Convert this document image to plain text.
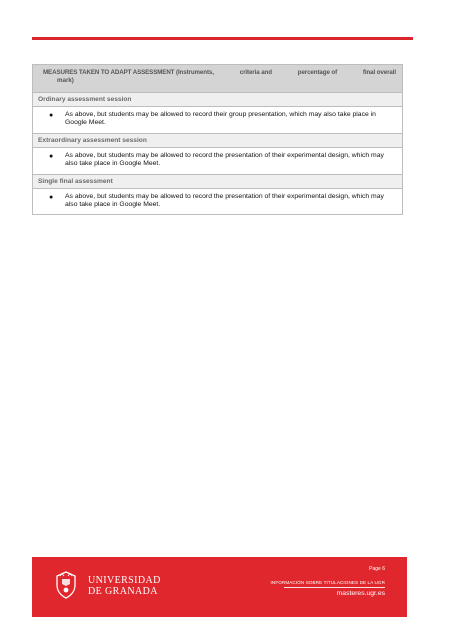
MEASURES TAKEN TO ADAPT ASSESSMENT (Instruments,	criteria and	percentage of	final overall
mark)
Ordinary assessment session
●	As above, but students may be allowed to record their group presentation, which may also take place in Google Meet.
Extraordinary assessment session
●	As above, but students may be allowed to record the presentation of their experimental design, which may also take place in Google Meet.
Single final assessment
●	As above, but students may be allowed to record the presentation of their experimental design, which may also take place in Google Meet.
UNIVERSIDAD
DE GRANADA
Page 6
INFORMACIÓN SOBRE TITULACIONES DE LA UGR
masteres.ugr.es
